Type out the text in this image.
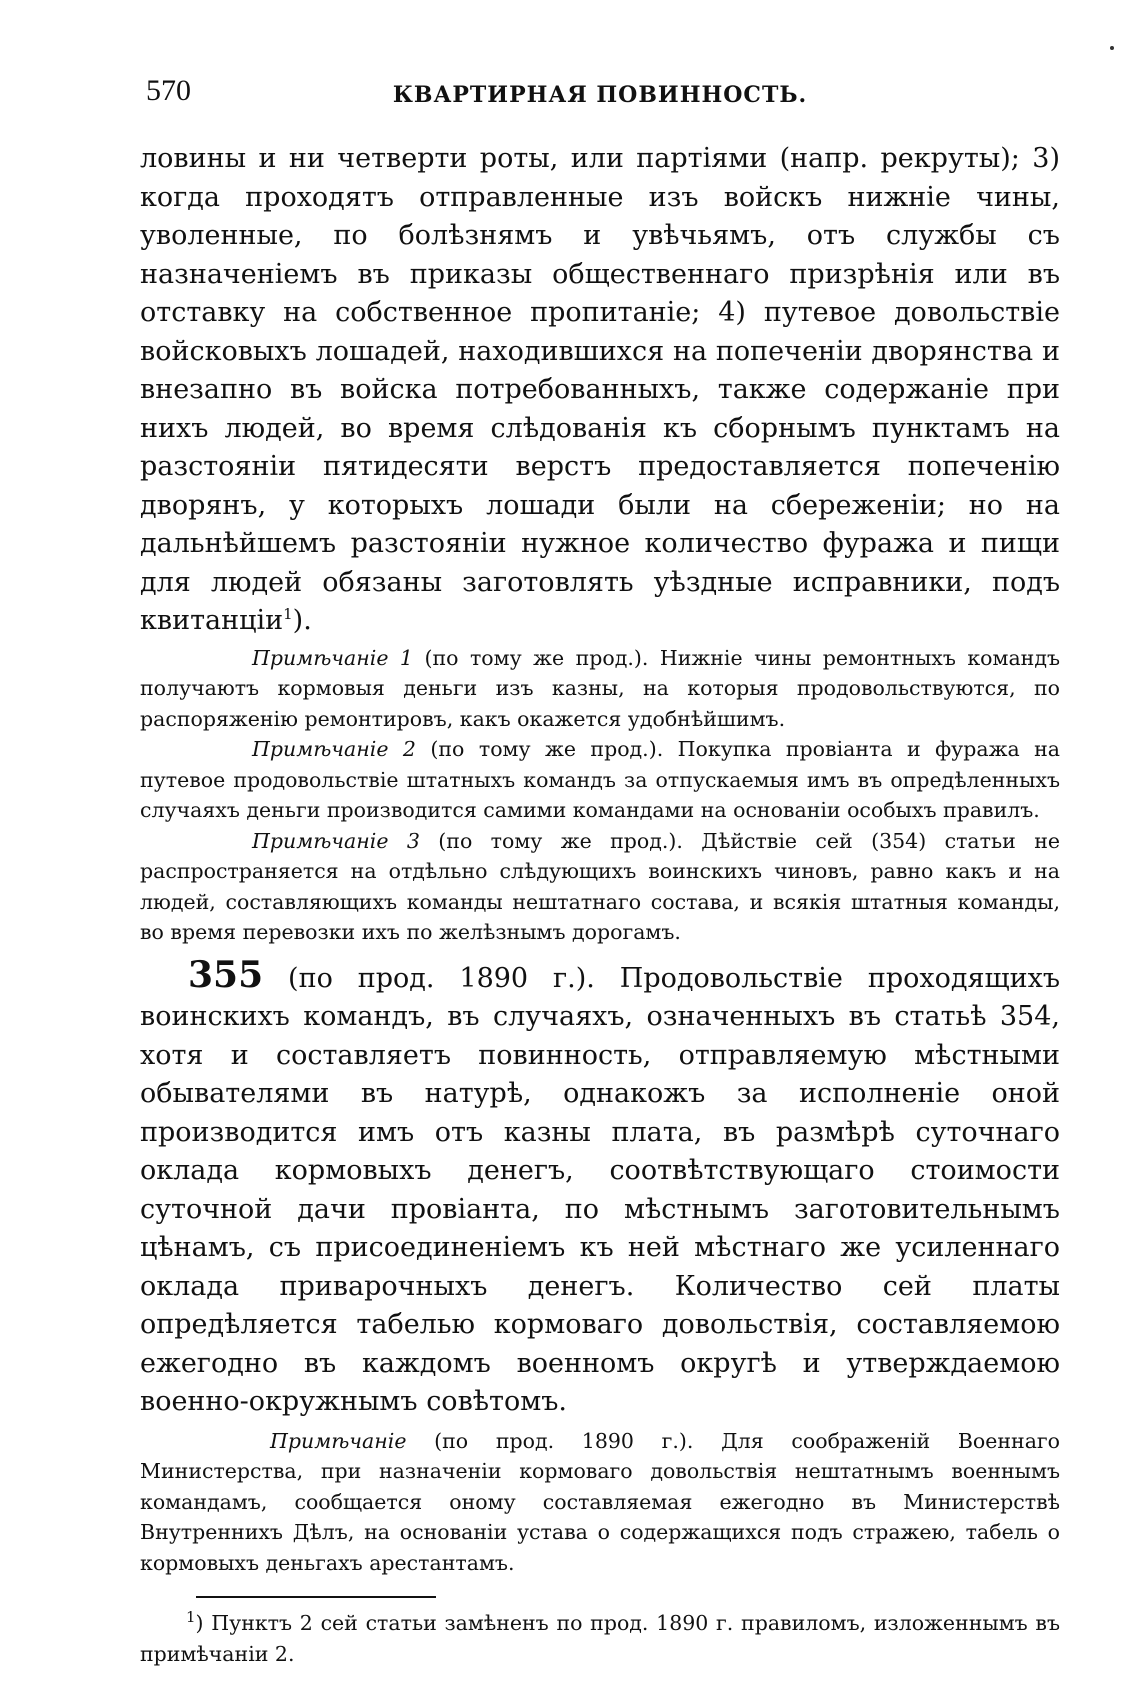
570	КВАРТИРНАЯ ПОВИННОСТЬ.

ловины и ни четверти роты, или партіями (напр. рекруты); 3) когда проходятъ отправленные изъ войскъ нижніе чины, уволенные, по болѣзнямъ и увѣчьямъ, отъ службы съ назначеніемъ въ приказы общественнаго призрѣнія или въ отставку на собственное пропитаніе; 4) путевое довольствіе войсковыхъ лошадей, находившихся на попеченіи дворянства и внезапно въ войска потребованныхъ, также содержаніе при нихъ людей, во время слѣдованія къ сборнымъ пунктамъ на разстояніи пятидесяти верстъ предоставляется попеченію дворянъ, у которыхъ лошади были на сбереженіи; но на дальнѣйшемъ разстояніи нужное количество фуража и пищи для людей обязаны заготовлять уѣздные исправники, подъ квитанціи$^1$).

Примѣчаніе 1 (по тому же прод.). Нижніе чины ремонтныхъ командъ получаютъ кормовыя деньги изъ казны, на которыя продовольствуются, по распоряженію ремонтировъ, какъ окажется удобнѣйшимъ.

Примѣчаніе 2 (по тому же прод.). Покупка провіанта и фуража на путевое продовольствіе штатныхъ командъ за отпускаемыя имъ въ опредѣленныхъ случаяхъ деньги производится самими командами на основаніи особыхъ правилъ.

Примѣчаніе 3 (по тому же прод.). Дѣйствіе сей (354) статьи не распространяется на отдѣльно слѣдующихъ воинскихъ чиновъ, равно какъ и на людей, составляющихъ команды нештатнаго состава, и всякія штатныя команды, во время перевозки ихъ по желѣзнымъ дорогамъ.

355 (по прод. 1890 г.). Продовольствіе проходящихъ воинскихъ командъ, въ случаяхъ, означенныхъ въ статьѣ 354, хотя и составляетъ повинность, отправляемую мѣстными обывателями въ натурѣ, однакожъ за исполненіе оной производится имъ отъ казны плата, въ размѣрѣ суточнаго оклада кормовыхъ денегъ, соотвѣтствующаго стоимости суточной дачи провіанта, по мѣстнымъ заготовительнымъ цѣнамъ, съ присоединеніемъ къ ней мѣстнаго же усиленнаго оклада приварочныхъ денегъ. Количество сей платы опредѣляется табелью кормоваго довольствія, составляемою ежегодно въ каждомъ военномъ округѣ и утверждаемою военно-окружнымъ совѣтомъ.

Примѣчаніе (по прод. 1890 г.). Для соображеній Военнаго Министерства, при назначеніи кормоваго довольствія нештатнымъ военнымъ командамъ, сообщается оному составляемая ежегодно въ Министерствѣ Внутреннихъ Дѣлъ, на основаніи устава о содержащихся подъ стражею, табель о кормовыхъ деньгахъ арестантамъ.

$^1$) Пунктъ 2 сей статьи замѣненъ по прод. 1890 г. правиломъ, изложеннымъ въ примѣчаніи 2.
